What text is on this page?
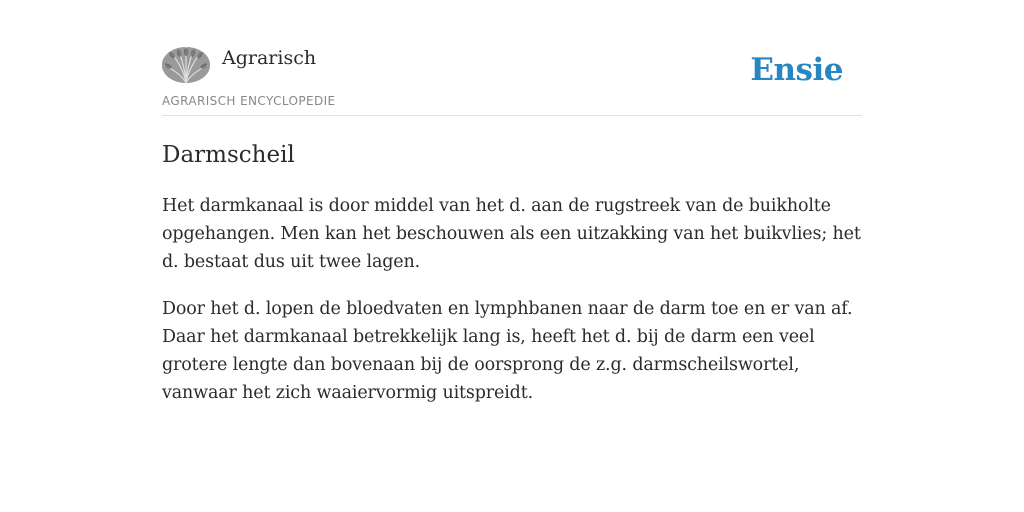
Agrarisch
AGRARISCH ENCYCLOPEDIE
Ensie
Darmscheil

Het darmkanaal is door middel van het d. aan de rugstreek van de buikholte opgehangen. Men kan het beschouwen als een uitzakking van het buikvlies; het d. bestaat dus uit twee lagen.

Door het d. lopen de bloedvaten en lymphbanen naar de darm toe en er van af. Daar het darmkanaal betrekkelijk lang is, heeft het d. bij de darm een veel grotere lengte dan bovenaan bij de oorsprong de z.g. darmscheilswortel, vanwaar het zich waaiervormig uitspreidt.
